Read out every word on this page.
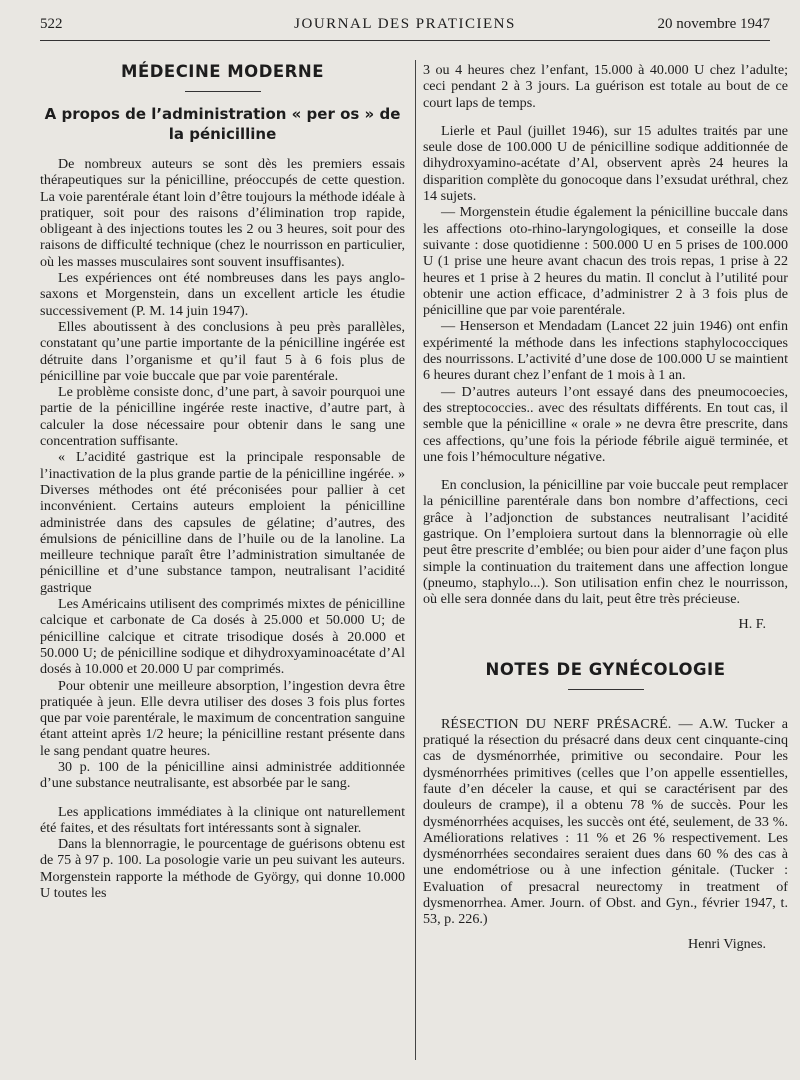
522	JOURNAL DES PRATICIENS	20 novembre 1947
MÉDECINE MODERNE
A propos de l’administration « per os » de la pénicilline

De nombreux auteurs se sont dès les premiers essais thérapeutiques sur la pénicilline, préoccupés de cette question. La voie parentérale étant loin d’être toujours la méthode idéale à pratiquer, soit pour des raisons d’élimination trop rapide, obligeant à des injections toutes les 2 ou 3 heures, soit pour des raisons de difficulté technique (chez le nourrisson en particulier, où les masses musculaires sont souvent insuffisantes).

Les expériences ont été nombreuses dans les pays anglo-saxons et Morgenstein, dans un excellent article les étudie successivement (P. M. 14 juin 1947).

Elles aboutissent à des conclusions à peu près parallèles, constatant qu’une partie importante de la pénicilline ingérée est détruite dans l’organisme et qu’il faut 5 à 6 fois plus de pénicilline par voie buccale que par voie parentérale.

Le problème consiste donc, d’une part, à savoir pourquoi une partie de la pénicilline ingérée reste inactive, d’autre part, à calculer la dose nécessaire pour obtenir dans le sang une concentration suffisante.

« L’acidité gastrique est la principale responsable de l’inactivation de la plus grande partie de la pénicilline ingérée. » Diverses méthodes ont été préconisées pour pallier à cet inconvénient. Certains auteurs emploient la pénicilline administrée dans des capsules de gélatine; d’autres, des émulsions de pénicilline dans de l’huile ou de la lanoline. La meilleure technique paraît être l’administration simultanée de pénicilline et d’une substance tampon, neutralisant l’acidité gastrique

Les Américains utilisent des comprimés mixtes de pénicilline calcique et carbonate de Ca dosés à 25.000 et 50.000 U; de pénicilline calcique et citrate trisodique dosés à 20.000 et 50.000 U; de pénicilline sodique et dihydroxyaminoacétate d’Al dosés à 10.000 et 20.000 U par comprimés.

Pour obtenir une meilleure absorption, l’ingestion devra être pratiquée à jeun. Elle devra utiliser des doses 3 fois plus fortes que par voie parentérale, le maximum de concentration sanguine étant atteint après 1/2 heure; la pénicilline restant présente dans le sang pendant quatre heures.

30 p. 100 de la pénicilline ainsi administrée additionnée d’une substance neutralisante, est absorbée par le sang.

Les applications immédiates à la clinique ont naturellement été faites, et des résultats fort intéressants sont à signaler.

Dans la blennorragie, le pourcentage de guérisons obtenu est de 75 à 97 p. 100. La posologie varie un peu suivant les auteurs. Morgenstein rapporte la méthode de György, qui donne 10.000 U toutes les

3 ou 4 heures chez l’enfant, 15.000 à 40.000 U chez l’adulte; ceci pendant 2 à 3 jours. La guérison est totale au bout de ce court laps de temps.

Lierle et Paul (juillet 1946), sur 15 adultes traités par une seule dose de 100.000 U de pénicilline sodique additionnée de dihydroxyamino-acétate d’Al, observent après 24 heures la disparition complète du gonocoque dans l’exsudat uréthral, chez 14 sujets.

— Morgenstein étudie également la pénicilline buccale dans les affections oto-rhino-laryngologiques, et conseille la dose suivante : dose quotidienne : 500.000 U en 5 prises de 100.000 U (1 prise une heure avant chacun des trois repas, 1 prise à 22 heures et 1 prise à 2 heures du matin. Il conclut à l’utilité pour obtenir une action efficace, d’administrer 2 à 3 fois plus de pénicilline que par voie parentérale.

— Henserson et Mendadam (Lancet 22 juin 1946) ont enfin expérimenté la méthode dans les infections staphylococciques des nourrissons. L’activité d’une dose de 100.000 U se maintient 6 heures durant chez l’enfant de 1 mois à 1 an.

— D’autres auteurs l’ont essayé dans des pneumocoecies, des streptococcies.. avec des résultats différents. En tout cas, il semble que la pénicilline « orale » ne devra être prescrite, dans ces affections, qu’une fois la période fébrile aiguë terminée, et une fois l’hémoculture négative.

En conclusion, la pénicilline par voie buccale peut remplacer la pénicilline parentérale dans bon nombre d’affections, ceci grâce à l’adjonction de substances neutralisant l’acidité gastrique. On l’emploiera surtout dans la blennorragie où elle peut être prescrite d’emblée; ou bien pour aider d’une façon plus simple la continuation du traitement dans une affection longue (pneumo, staphylo...). Son utilisation enfin chez le nourrisson, où elle sera donnée dans du lait, peut être très précieuse.

H. F.

NOTES DE GYNÉCOLOGIE

RÉSECTION DU NERF PRÉSACRÉ. — A.W. Tucker a pratiqué la résection du présacré dans deux cent cinquante-cinq cas de dysménorrhée, primitive ou secondaire. Pour les dysménorrhées primitives (celles que l’on appelle essentielles, faute d’en déceler la cause, et qui se caractérisent par des douleurs de crampe), il a obtenu 78 % de succès. Pour les dysménorrhées acquises, les succès ont été, seulement, de 33 %. Améliorations relatives : 11 % et 26 % respectivement. Les dysménorrhées secondaires seraient dues dans 60 % des cas à une endométriose ou à une infection génitale. (Tucker : Evaluation of presacral neurectomy in treatment of dysmenorrhea. Amer. Journ. of Obst. and Gyn., février 1947, t. 53, p. 226.)

Henri Vignes.
